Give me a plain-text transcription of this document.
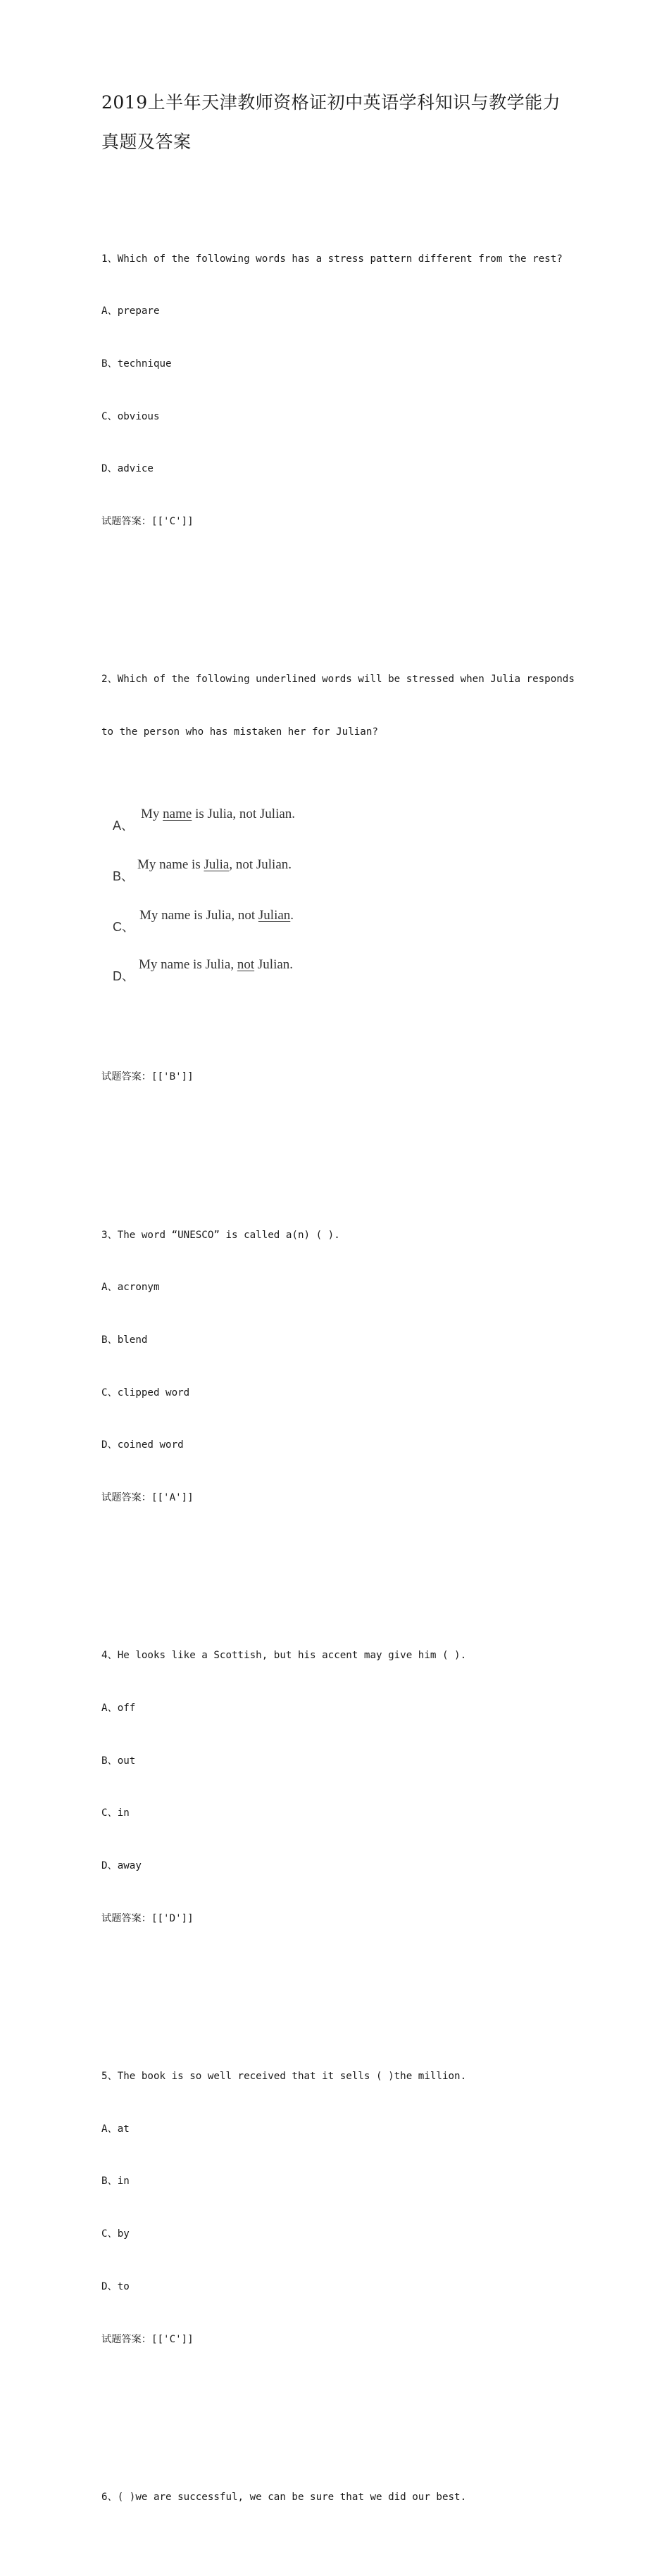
2019上半年天津教师资格证初中英语学科知识与教学能力
真题及答案

1、Which of the following words has a stress pattern different from the rest?

A、prepare

B、technique

C、obvious

D、advice

试题答案：[['C']]

2、Which of the following underlined words will be stressed when Julia responds

to the person who has mistaken her for Julian?

A、

My name is Julia, not Julian.

B、

My name is Julia, not Julian.

C、

My name is Julia, not Julian.

D、

My name is Julia, not Julian.

试题答案：[['B']]

3、The word “UNESCO” is called a(n) ( ).

A、acronym

B、blend

C、clipped word

D、coined word

试题答案：[['A']]

4、He looks like a Scottish, but his accent may give him ( ).

A、off

B、out

C、in

D、away

试题答案：[['D']]

5、The book is so well received that it sells ( )the million.

A、at

B、in

C、by

D、to

试题答案：[['C']]

6、( )we are successful, we can be sure that we did our best.
